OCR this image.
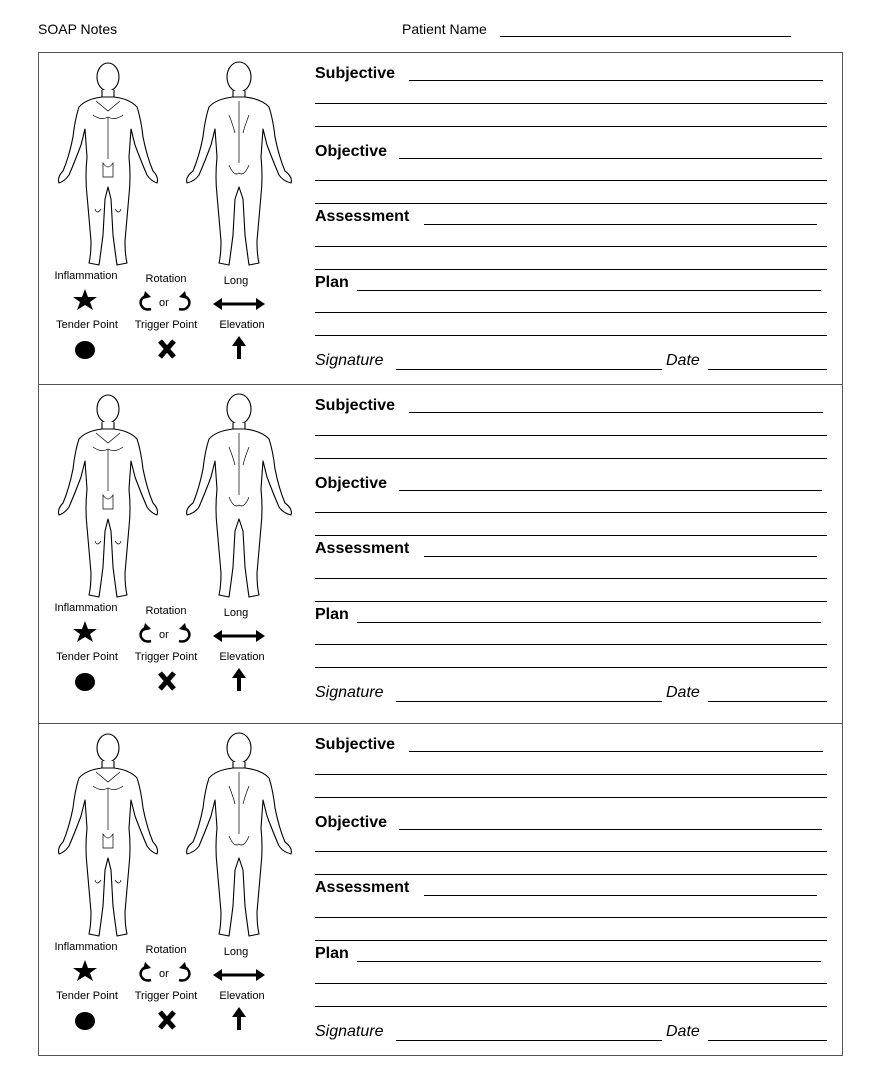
SOAP Notes	Patient Name
Inflammation	Rotation
or
Long
Tender Point	Trigger Point	Elevation
Subjective
Objective
Assessment
Plan
Signature	Date
Inflammation	Rotation
or
Long
Tender Point	Trigger Point	Elevation
Subjective
Objective
Assessment
Plan
Signature	Date
Inflammation	Rotation
or
Long
Tender Point	Trigger Point	Elevation
Subjective
Objective
Assessment
Plan
Signature	Date
